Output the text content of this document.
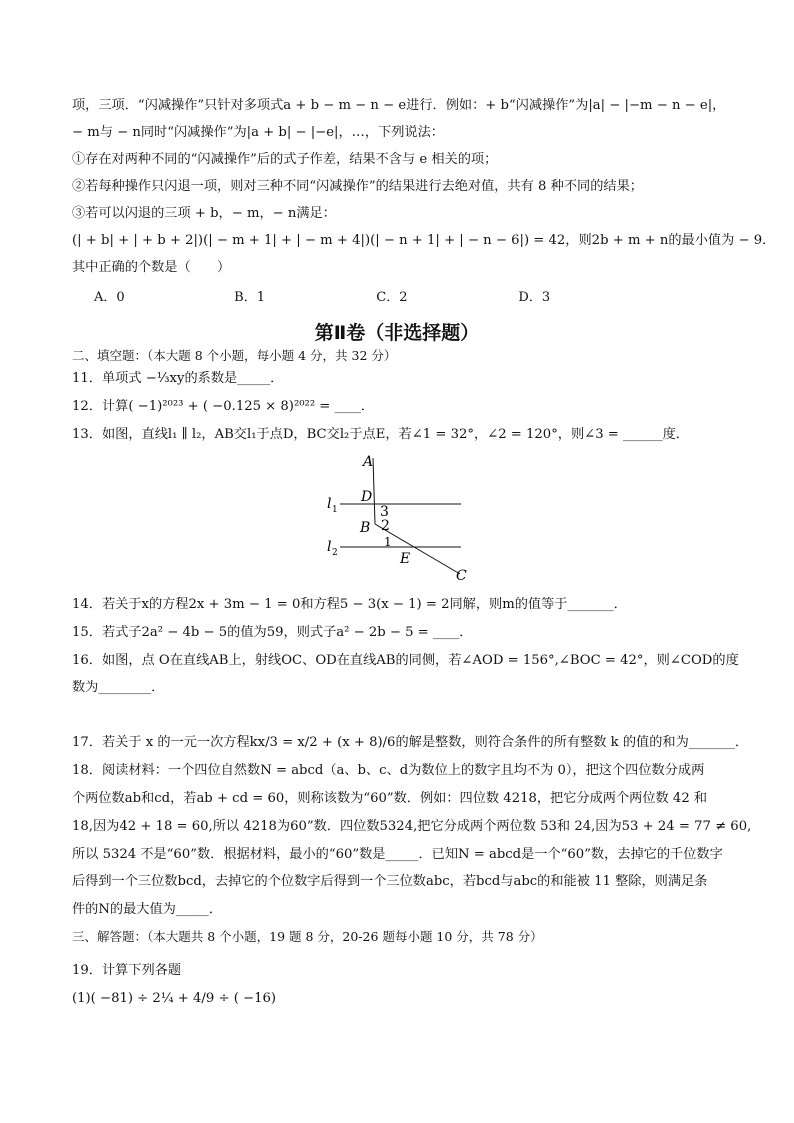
项，三项．“闪减操作”只针对多项式a + b − m − n − e进行．例如：+ b“闪减操作”为|a| − |−m − n − e|，
− m与 − n同时“闪减操作”为|a + b| − |−e|，…，下列说法：
①存在对两种不同的“闪减操作”后的式子作差，结果不含与 e 相关的项；
②若每种操作只闪退一项，则对三种不同“闪减操作”的结果进行去绝对值，共有 8 种不同的结果；
③若可以闪退的三项 + b，− m，− n满足：
(| + b| + | + b + 2|)(| − m + 1| + | − m + 4|)(| − n + 1| + | − n − 6|) = 42，则2b + m + n的最小值为 − 9．
其中正确的个数是（　　）
A．0	B．1	C．2	D．3
第Ⅱ卷（非选择题）
二、填空题：（本大题 8 个小题，每小题 4 分，共 32 分）
11．单项式 −⅓xy的系数是_____．
12．计算( −1)²⁰²³ + ( −0.125 × 8)²⁰²² = ____．
13．如图，直线l₁ ∥ l₂，AB交l₁于点D，BC交l₂于点E，若∠1 = 32°，∠2 = 120°，则∠3 = ______度．
A
D
l 1	3
B 2
l 2
1
E
C
14．若关于x的方程2x + 3m − 1 = 0和方程5 − 3(x − 1) = 2同解，则m的值等于_______．
15．若式子2a² − 4b − 5的值为59，则式子a² − 2b − 5 = ____．
16．如图，点 O在直线AB上，射线OC、OD在直线AB的同侧，若∠AOD = 156°,∠BOC = 42°，则∠COD的度
数为________．
17．若关于 x 的一元一次方程kx/3 = x/2 + (x + 8)/6的解是整数，则符合条件的所有整数 k 的值的和为_______．
18．阅读材料：一个四位自然数N = abcd（a、b、c、d为数位上的数字且均不为 0），把这个四位数分成两
个两位数ab和cd，若ab + cd = 60，则称该数为“60”数．例如：四位数 4218，把它分成两个两位数 42 和
18,因为42 + 18 = 60,所以 4218为60”数．四位数5324,把它分成两个两位数 53和 24,因为53 + 24 = 77 ≠ 60,
所以 5324 不是“60”数．根据材料，最小的“60”数是_____．已知N = abcd是一个“60”数，去掉它的千位数字
后得到一个三位数bcd，去掉它的个位数字后得到一个三位数abc，若bcd与abc的和能被 11 整除，则满足条
件的N的最大值为_____．
三、解答题：（本大题共 8 个小题，19 题 8 分，20-26 题每小题 10 分，共 78 分）
19．计算下列各题
(1)( −81) ÷ 2¼ + 4/9 ÷ ( −16)
